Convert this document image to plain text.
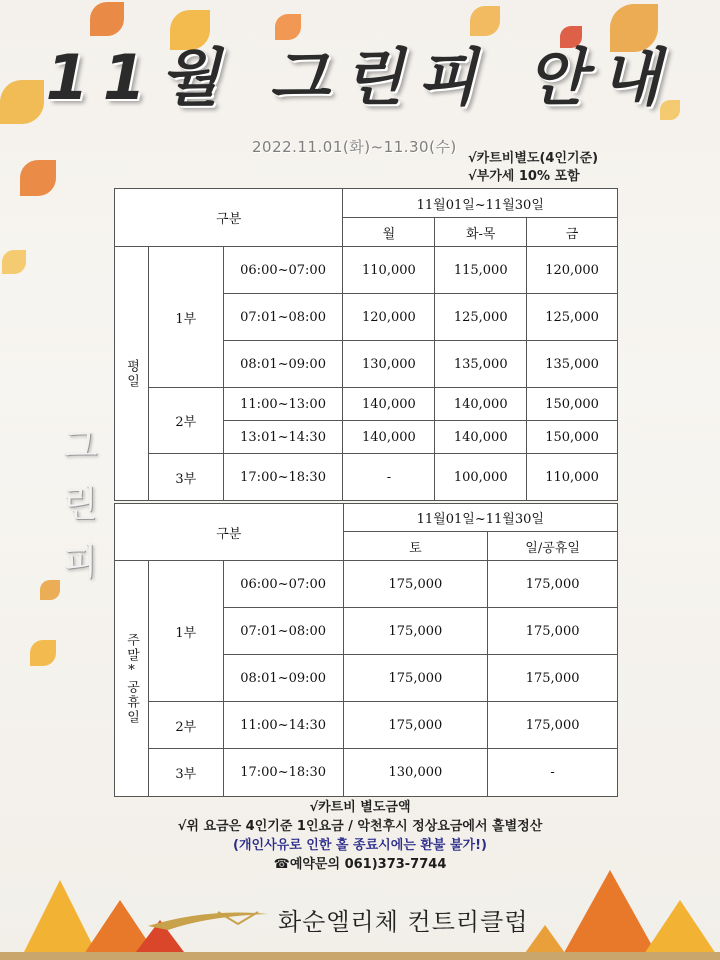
11월 그린피 안내
2022.11.01(화)~11.30(수)
√카트비별도(4인기준)
√부가세 10% 포함
그
린
피
구분			11월01일~11월30일		
			월	화-목	금
평일	1부	06:00~07:00	110,000	115,000	120,000
		07:01~08:00	120,000	125,000	125,000
		08:01~09:00	130,000	135,000	135,000
	2부	11:00~13:00	140,000	140,000	150,000
		13:01~14:30	140,000	140,000	150,000
	3부	17:00~18:30	-	100,000	110,000
구분			11월01일~11월30일	
			토	일/공휴일
주말*공휴일	1부	06:00~07:00	175,000	175,000
		07:01~08:00	175,000	175,000
		08:01~09:00	175,000	175,000
	2부	11:00~14:30	175,000	175,000
	3부	17:00~18:30	130,000	-
√카트비 별도금액
√위 요금은 4인기준 1인요금 / 악천후시 정상요금에서 홀별정산
(개인사유로 인한 홀 종료시에는 환불 불가!)
☎예약문의 061)373-7744
화순엘리체 컨트리클럽
